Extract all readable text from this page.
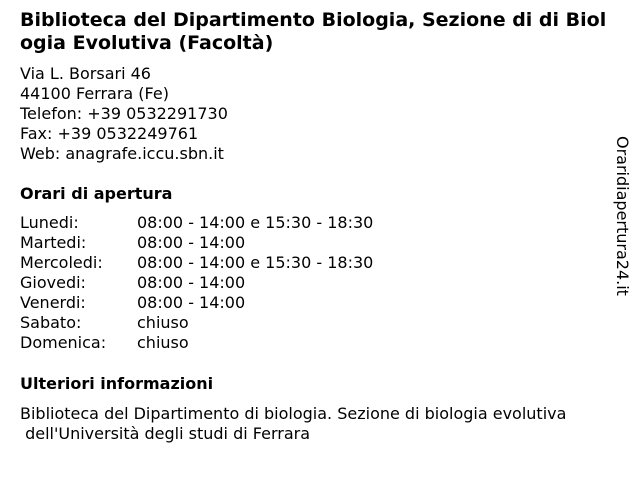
Biblioteca del Dipartimento Biologia, Sezione di di Biologia Evolutiva (Facoltà)
Via L. Borsari 46
44100 Ferrara (Fe)
Telefon: +39 0532291730
Fax: +39 0532249761
Web: anagrafe.iccu.sbn.it
Orari di apertura
Lunedi:	08:00 - 14:00 e 15:30 - 18:30
Martedi:	08:00 - 14:00
Mercoledi: 08:00 - 14:00 e 15:30 - 18:30
Giovedi:	08:00 - 14:00
Venerdi:	08:00 - 14:00
Sabato:	chiuso
Domenica: chiuso
Ulteriori informazioni
Biblioteca del Dipartimento di biologia. Sezione di biologia evolutiva
dell'Università degli studi di Ferrara
Oraridiapertura24.it
